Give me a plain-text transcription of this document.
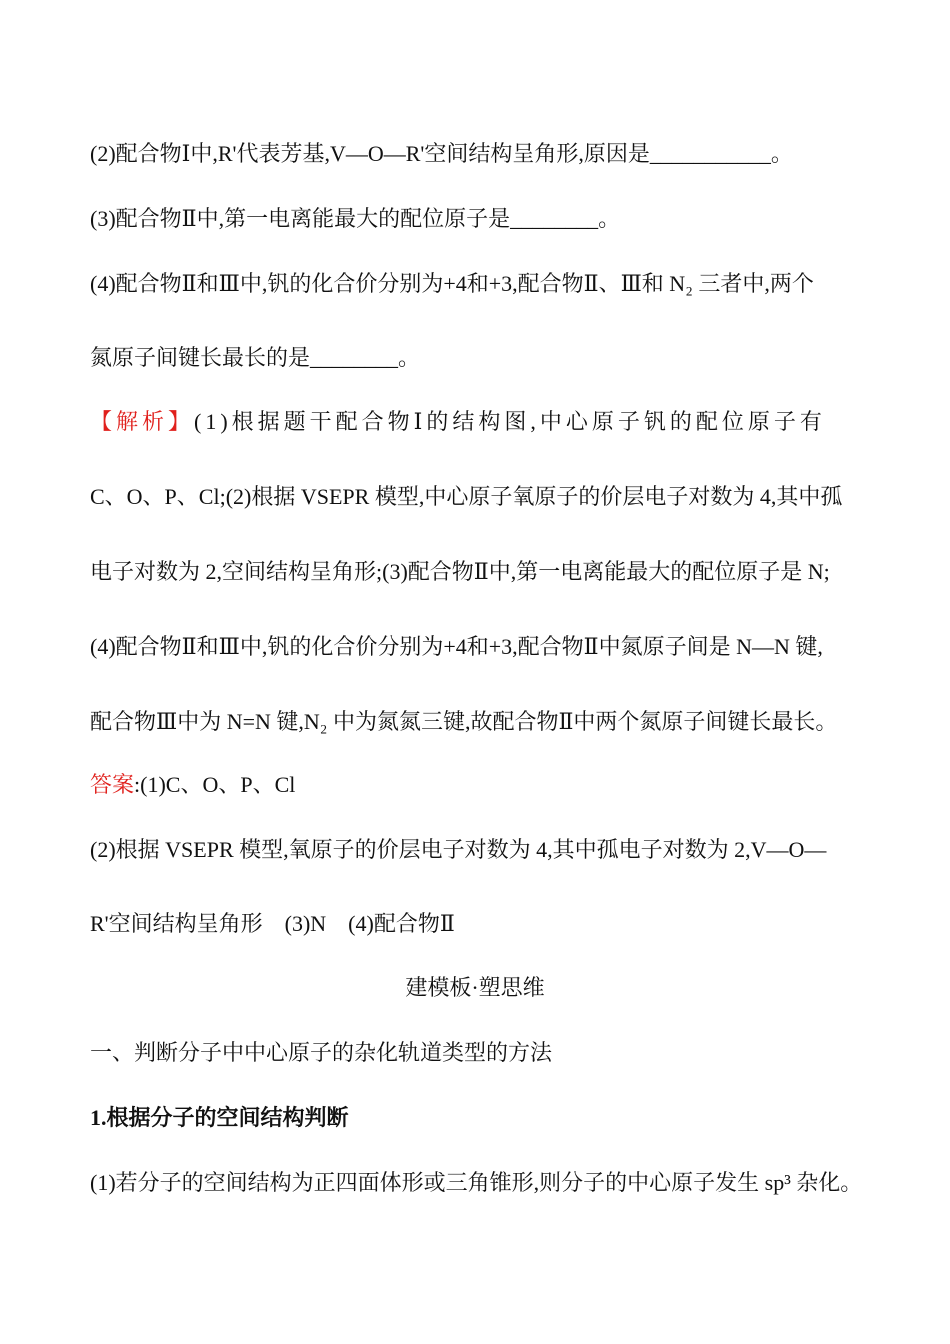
(2)配合物Ⅰ中,R'代表芳基,V—O—R'空间结构呈角形,原因是___________。
(3)配合物Ⅱ中,第一电离能最大的配位原子是________。
(4)配合物Ⅱ和Ⅲ中,钒的化合价分别为+4和+3,配合物Ⅱ、Ⅲ和 N₂ 三者中,两个
氮原子间键长最长的是________。
【解析】(1)根据题干配合物Ⅰ的结构图,中心原子钒的配位原子有
C、O、P、Cl;(2)根据 VSEPR 模型,中心原子氧原子的价层电子对数为 4,其中孤
电子对数为 2,空间结构呈角形;(3)配合物Ⅱ中,第一电离能最大的配位原子是 N;
(4)配合物Ⅱ和Ⅲ中,钒的化合价分别为+4和+3,配合物Ⅱ中氮原子间是 N—N 键,
配合物Ⅲ中为 N=N 键,N₂ 中为氮氮三键,故配合物Ⅱ中两个氮原子间键长最长。
答案:(1)C、O、P、Cl
(2)根据 VSEPR 模型,氧原子的价层电子对数为 4,其中孤电子对数为 2,V—O—
R'空间结构呈角形　(3)N　(4)配合物Ⅱ
建模板·塑思维
一、判断分子中中心原子的杂化轨道类型的方法
1.根据分子的空间结构判断
(1)若分子的空间结构为正四面体形或三角锥形,则分子的中心原子发生 sp³ 杂化。
